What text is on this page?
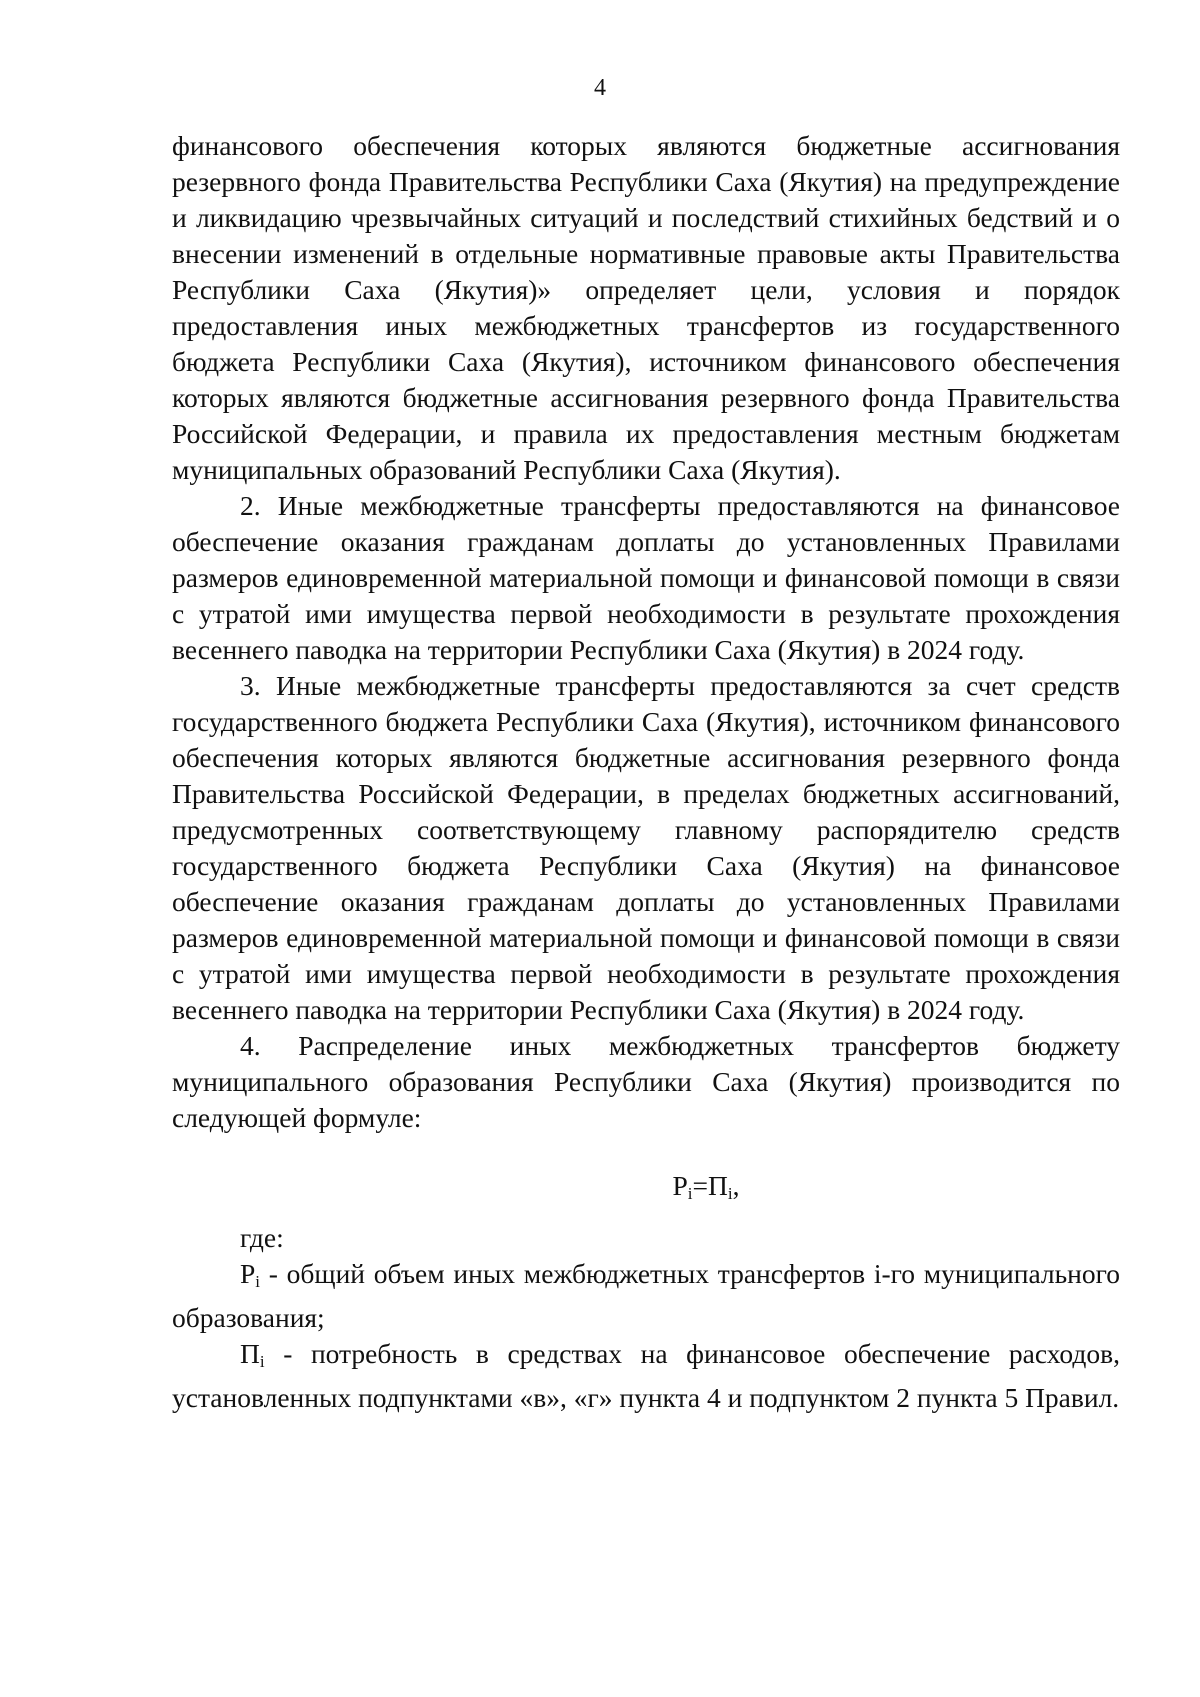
4

финансового обеспечения которых являются бюджетные ассигнования резервного фонда Правительства Республики Саха (Якутия) на предупреждение и ликвидацию чрезвычайных ситуаций и последствий стихийных бедствий и о внесении изменений в отдельные нормативные правовые акты Правительства Республики Саха (Якутия)» определяет цели, условия и порядок предоставления иных межбюджетных трансфертов из государственного бюджета Республики Саха (Якутия), источником финансового обеспечения которых являются бюджетные ассигнования резервного фонда Правительства Российской Федерации, и правила их предоставления местным бюджетам муниципальных образований Республики Саха (Якутия).

2. Иные межбюджетные трансферты предоставляются на финансовое обеспечение оказания гражданам доплаты до установленных Правилами размеров единовременной материальной помощи и финансовой помощи в связи с утратой ими имущества первой необходимости в результате прохождения весеннего паводка на территории Республики Саха (Якутия) в 2024 году.

3. Иные межбюджетные трансферты предоставляются за счет средств государственного бюджета Республики Саха (Якутия), источником финансового обеспечения которых являются бюджетные ассигнования резервного фонда Правительства Российской Федерации, в пределах бюджетных ассигнований, предусмотренных соответствующему главному распорядителю средств государственного бюджета Республики Саха (Якутия) на финансовое обеспечение оказания гражданам доплаты до установленных Правилами размеров единовременной материальной помощи и финансовой помощи в связи с утратой ими имущества первой необходимости в результате прохождения весеннего паводка на территории Республики Саха (Якутия) в 2024 году.

4. Распределение иных межбюджетных трансфертов бюджету муниципального образования Республики Саха (Якутия) производится по следующей формуле:

$Р_i=П_i$,

где:

$Р_i$ - общий объем иных межбюджетных трансфертов i-го муниципального образования;

$П_i$ - потребность в средствах на финансовое обеспечение расходов, установленных подпунктами «в», «г» пункта 4 и подпунктом 2 пункта 5 Правил.
